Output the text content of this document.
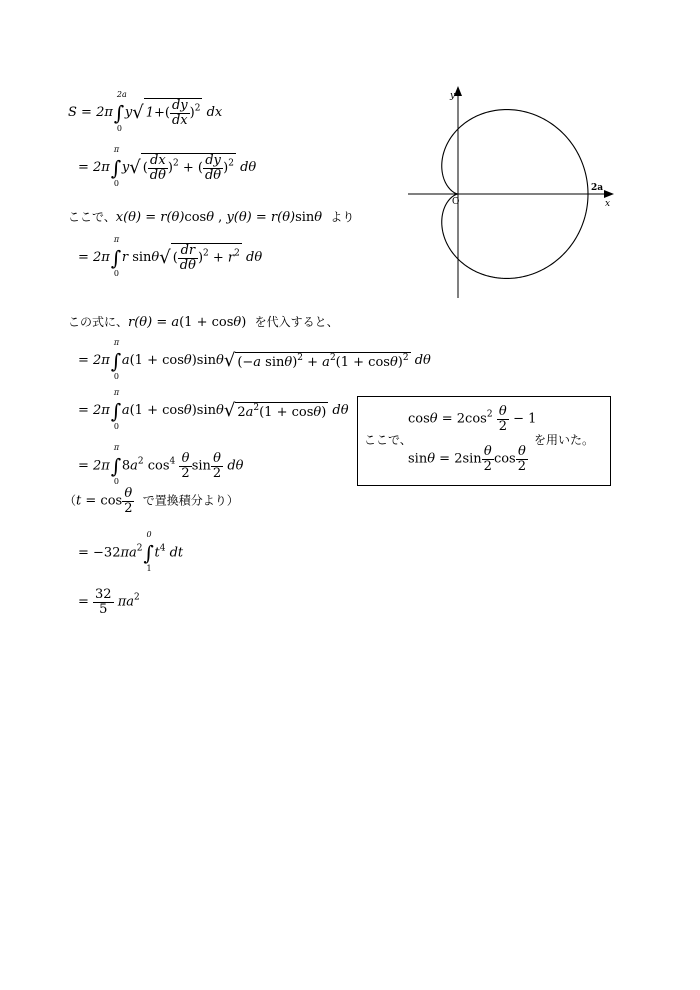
S = 2π ∫
2a
0
y√ $1+( \frac{dy}{dx} )^2$ dx
= 2π ∫
π
0
y√ ( $\frac{dx}{d\theta} )^2$ + ( $\frac{dy}{d\theta} )^2$ dθ
ここで、x(θ) = r(θ)cosθ , y(θ) = r(θ)sinθ より
= 2π ∫
π
0
r sinθ√ ( $\frac{dr}{d\theta} )^2 + r^2$ dθ
この式に、r(θ) = a(1 + cosθ)  を代入すると、
= 2π ∫
π
0
a(1 + cosθ)sinθ√ (−a $\sin\theta)^2 + a^2(1 + \cos\theta)^2$ dθ
= 2π ∫
π
0
a(1 + cosθ)sinθ√ $2a^2(1 + \cos\theta)$ dθ
= 2π ∫
π
0
$8a^2$ $\cos^4 \frac{\theta}{2}$ $\sin \frac{\theta}{2}$ dθ
（$t = \cos \frac{\theta}{2}$ で置換積分より）
= $-32\pi a^2$ ∫
0
1
$t^4$ dt
= $\frac{32}{5} \pi a^2$
$\cos\theta = 2\cos^2 \frac{\theta}{2} - 1$
ここで、	を用いた。
$\sin\theta = 2\sin \frac{\theta}{2}$ $\cos \frac{\theta}{2}$
y
x
O
2a
